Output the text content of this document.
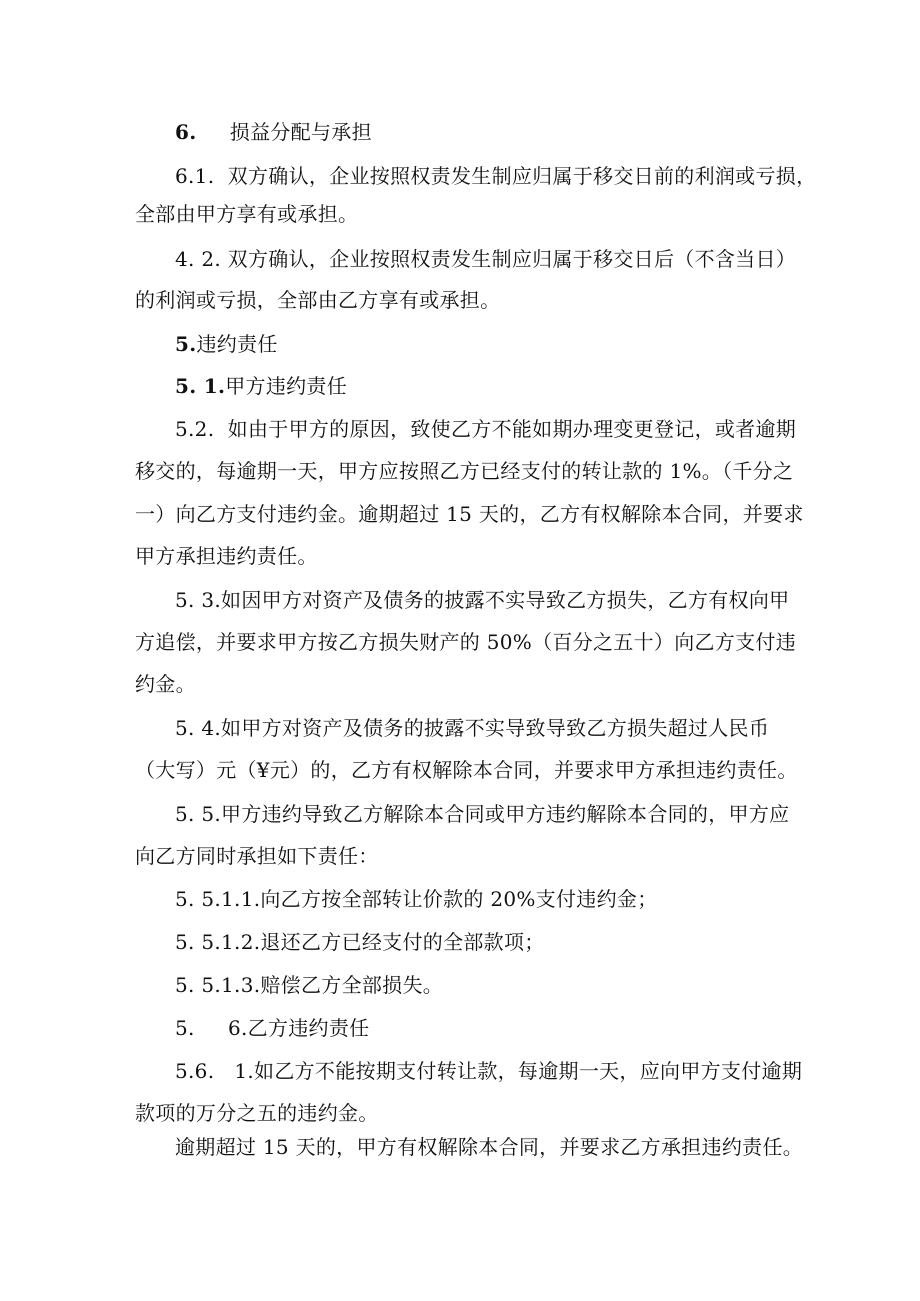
6. 损益分配与承担
6.1.  双方确认，企业按照权责发生制应归属于移交日前的利润或亏损，
全部由甲方享有或承担。
4. 2. 双方确认，企业按照权责发生制应归属于移交日后（不含当日）
的利润或亏损，全部由乙方享有或承担。
5.违约责任
5. 1.甲方违约责任
5.2.  如由于甲方的原因，致使乙方不能如期办理变更登记，或者逾期
移交的，每逾期一天，甲方应按照乙方已经支付的转让款的 1%。（千分之
一）向乙方支付违约金。逾期超过 15 天的，乙方有权解除本合同，并要求
甲方承担违约责任。
5. 3.如因甲方对资产及债务的披露不实导致乙方损失，乙方有权向甲
方追偿，并要求甲方按乙方损失财产的 50%（百分之五十）向乙方支付违
约金。
5. 4.如甲方对资产及债务的披露不实导致导致乙方损失超过人民币
（大写）元（¥元）的，乙方有权解除本合同，并要求甲方承担违约责任。
5. 5.甲方违约导致乙方解除本合同或甲方违约解除本合同的，甲方应
向乙方同时承担如下责任：
5. 5.1.1.向乙方按全部转让价款的 20%支付违约金；
5. 5.1.2.退还乙方已经支付的全部款项；
5. 5.1.3.赔偿乙方全部损失。
5.     6.乙方违约责任
5.6.   1.如乙方不能按期支付转让款，每逾期一天，应向甲方支付逾期
款项的万分之五的违约金。
逾期超过 15 天的，甲方有权解除本合同，并要求乙方承担违约责任。
